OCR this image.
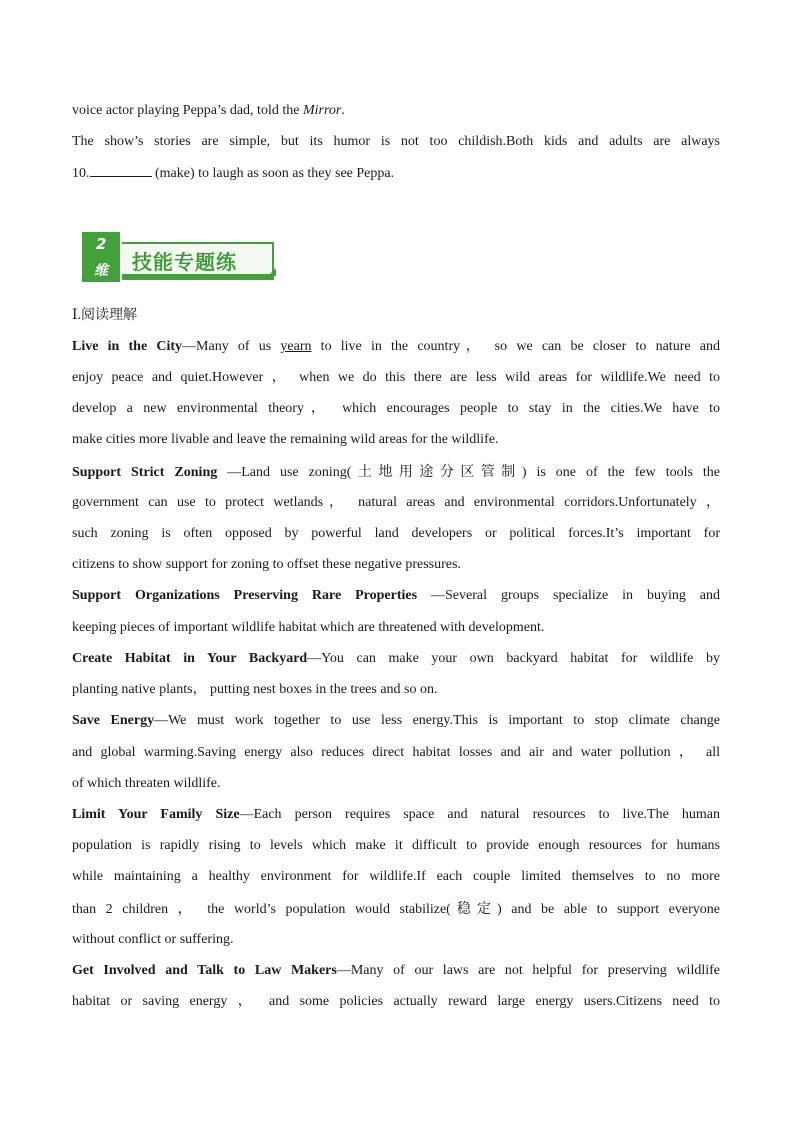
voice actor playing Peppa’s dad, told the Mirror.
The show’s stories are simple, but its humor is not too childish.Both kids and adults are always
10.	(make) to laugh as soon as they see Peppa.
Ⅰ.阅读理解
Live in the City—Many of us yearn to live in the country， so we can be closer to nature and
enjoy peace and quiet.However ， when we do this there are less wild areas for wildlife.We need to
develop a new environmental theory， which encourages people to stay in the cities.We have to
make cities more livable and leave the remaining wild areas for the wildlife.
Support Strict Zoning —Land use zoning(土地用途分区管制) is one of the few tools the
government can use to protect wetlands， natural areas and environmental corridors.Unfortunately ，
such zoning is often opposed by powerful land developers or political forces.It’s important for
citizens to show support for zoning to offset these negative pressures.
Support Organizations Preserving Rare Properties —Several groups specialize in buying and
keeping pieces of important wildlife habitat which are threatened with development.
Create Habitat in Your Backyard—You can make your own backyard habitat for wildlife by
planting native plants， putting nest boxes in the trees and so on.
Save Energy—We must work together to use less energy.This is important to stop climate change
and global warming.Saving energy also reduces direct habitat losses and air and water pollution ， all
of which threaten wildlife.
Limit Your Family Size—Each person requires space and natural resources to live.The human
population is rapidly rising to levels which make it difficult to provide enough resources for humans
while maintaining a healthy environment for wildlife.If each couple limited themselves to no more
than 2 children ， the world’s population would stabilize(稳定) and be able to support everyone
without conflict or suffering.
Get Involved and Talk to Law Makers—Many of our laws are not helpful for preserving wildlife
habitat or saving energy ， and some policies actually reward large energy users.Citizens need to
2
维 技能专题练
